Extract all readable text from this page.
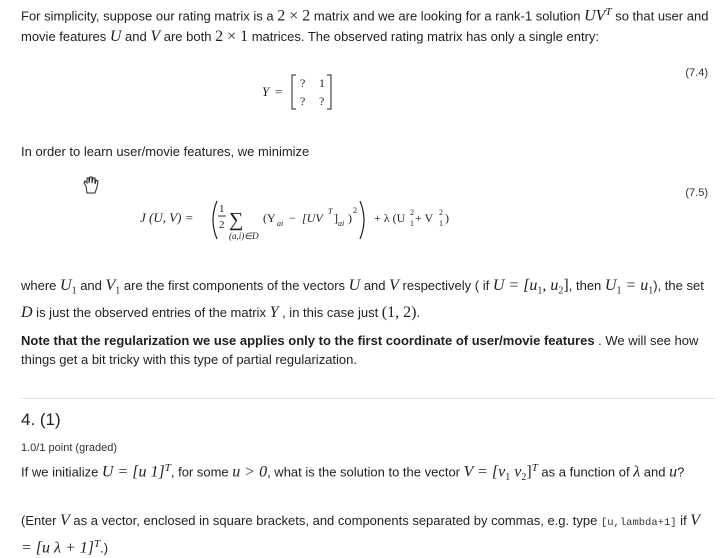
For simplicity, suppose our rating matrix is a 2 × 2 matrix and we are looking for a rank-1 solution $UV^T$ so that user and movie features U and V are both 2 × 1 matrices. The observed rating matrix has only a single entry:
Y =
? 1
? ?
(7.4)
In order to learn user/movie features, we minimize
J (U, V) =
1
2 ∑
(a,i)∈D
(Y ai − [UV T ] ai )
2
+ λ (U 2
1 + V 2
1 )
(7.5)
where $U_1$ and $V_1$ are the first components of the vectors U and V respectively ( if $U = [u_1$, $u_2$], then $U_1 = u_1$), the set D is just the observed entries of the matrix Y , in this case just (1, 2).
Note that the regularization we use applies only to the first coordinate of user/movie features . We will see how things get a bit tricky with this type of partial regularization.
4. (1)
1.0/1 point (graded)
If we initialize U = [u 1]$^T$, for some u > 0, what is the solution to the vector $V = [v_1$ $v_2]^T$ as a function of λ and u?
(Enter V as a vector, enclosed in square brackets, and components separated by commas, e.g. type [u,lambda+1] if V = [u λ + 1]$^T$.)
